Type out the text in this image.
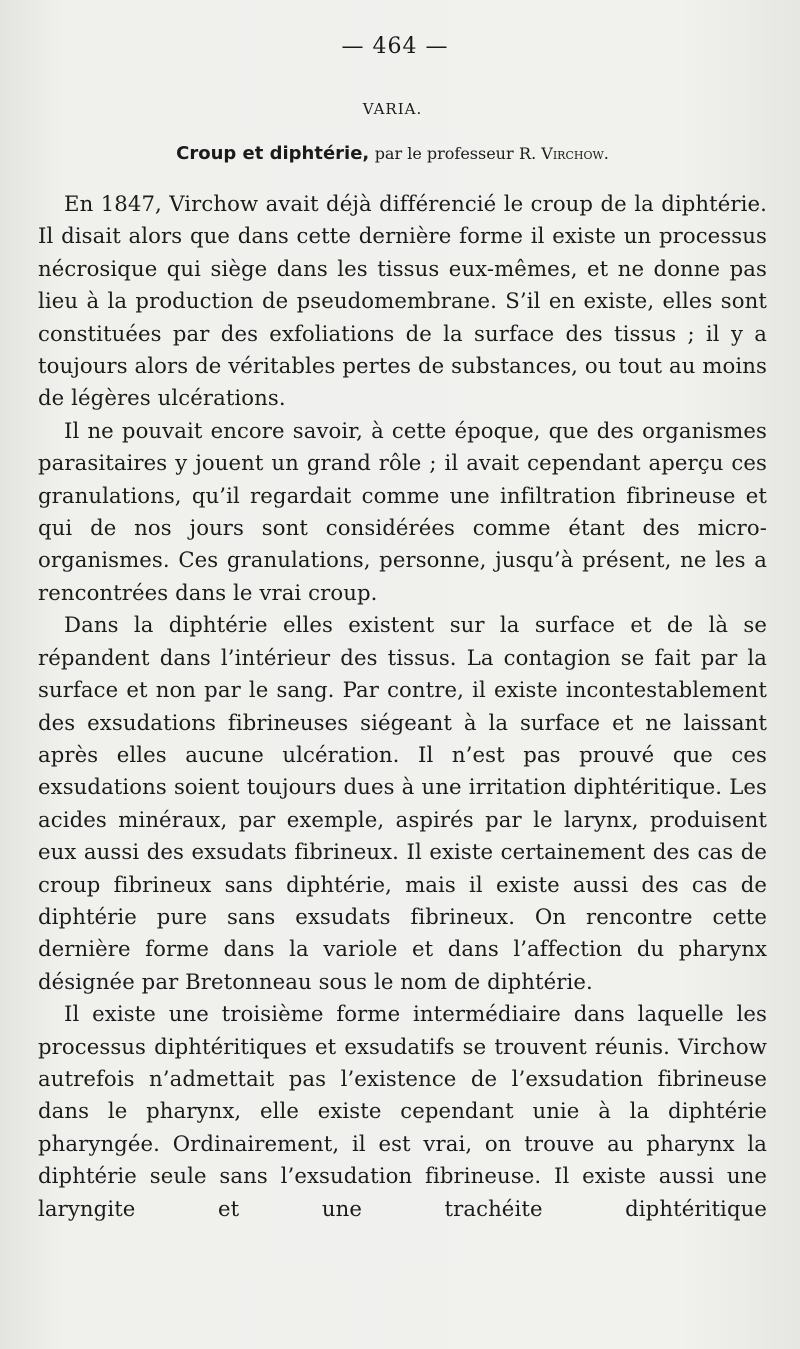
— 464 —
VARIA.
Croup et diphtérie, par le professeur R. Virchow.

En 1847, Virchow avait déjà différencié le croup de la diphtérie. Il disait alors que dans cette dernière forme il existe un processus nécrosique qui siège dans les tissus eux-mêmes, et ne donne pas lieu à la production de pseudomembrane. S’il en existe, elles sont constituées par des exfoliations de la surface des tissus ; il y a toujours alors de véritables pertes de substances, ou tout au moins de légères ulcérations.

Il ne pouvait encore savoir, à cette époque, que des organismes parasitaires y jouent un grand rôle ; il avait cependant aperçu ces granulations, qu’il regardait comme une infiltration fibrineuse et qui de nos jours sont considérées comme étant des micro-organismes. Ces granulations, personne, jusqu’à présent, ne les a rencontrées dans le vrai croup.

Dans la diphtérie elles existent sur la surface et de là se répandent dans l’intérieur des tissus. La contagion se fait par la surface et non par le sang. Par contre, il existe incontestablement des exsudations fibrineuses siégeant à la surface et ne laissant après elles aucune ulcération. Il n’est pas prouvé que ces exsudations soient toujours dues à une irritation diphtéritique. Les acides minéraux, par exemple, aspirés par le larynx, produisent eux aussi des exsudats fibrineux. Il existe certainement des cas de croup fibrineux sans diphtérie, mais il existe aussi des cas de diphtérie pure sans exsudats fibrineux. On rencontre cette dernière forme dans la variole et dans l’affection du pharynx désignée par Bretonneau sous le nom de diphtérie.

Il existe une troisième forme intermédiaire dans laquelle les processus diphtéritiques et exsudatifs se trouvent réunis. Virchow autrefois n’admettait pas l’existence de l’exsudation fibrineuse dans le pharynx, elle existe cependant unie à la diphtérie pharyngée. Ordinairement, il est vrai, on trouve au pharynx la diphtérie seule sans l’exsudation fibrineuse. Il existe aussi une laryngite et une trachéite diphtéritique
